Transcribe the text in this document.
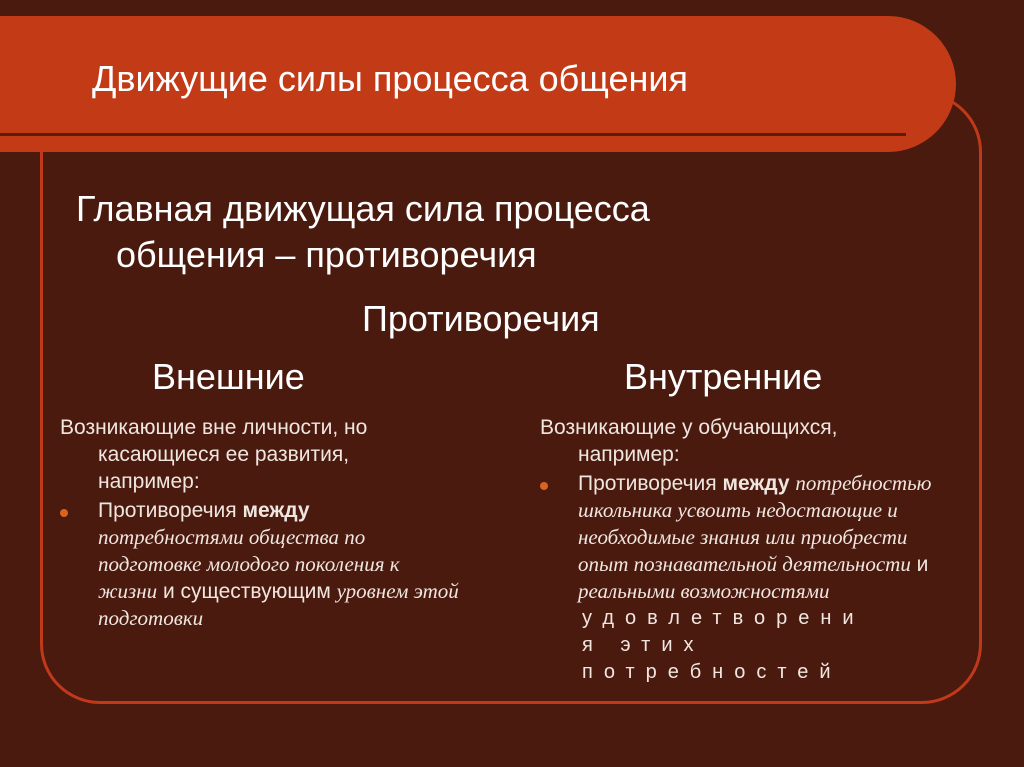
Движущие силы процесса общения
Главная движущая сила процесса
общения – противоречия
Противоречия
Внешние	Внутренние
Возникающие вне личности, но
касающиеся ее развития,
например:
Противоречия между потребностями общества по подготовке молодого поколения к жизни и существующим уровнем этой подготовки
Возникающие у обучающихся,
например:
Противоречия между потребностью школьника усвоить недостающие и необходимые знания или приобрести опыт познавательной деятельности и реальными возможностями
удовлетворени
я этих
потребностей
